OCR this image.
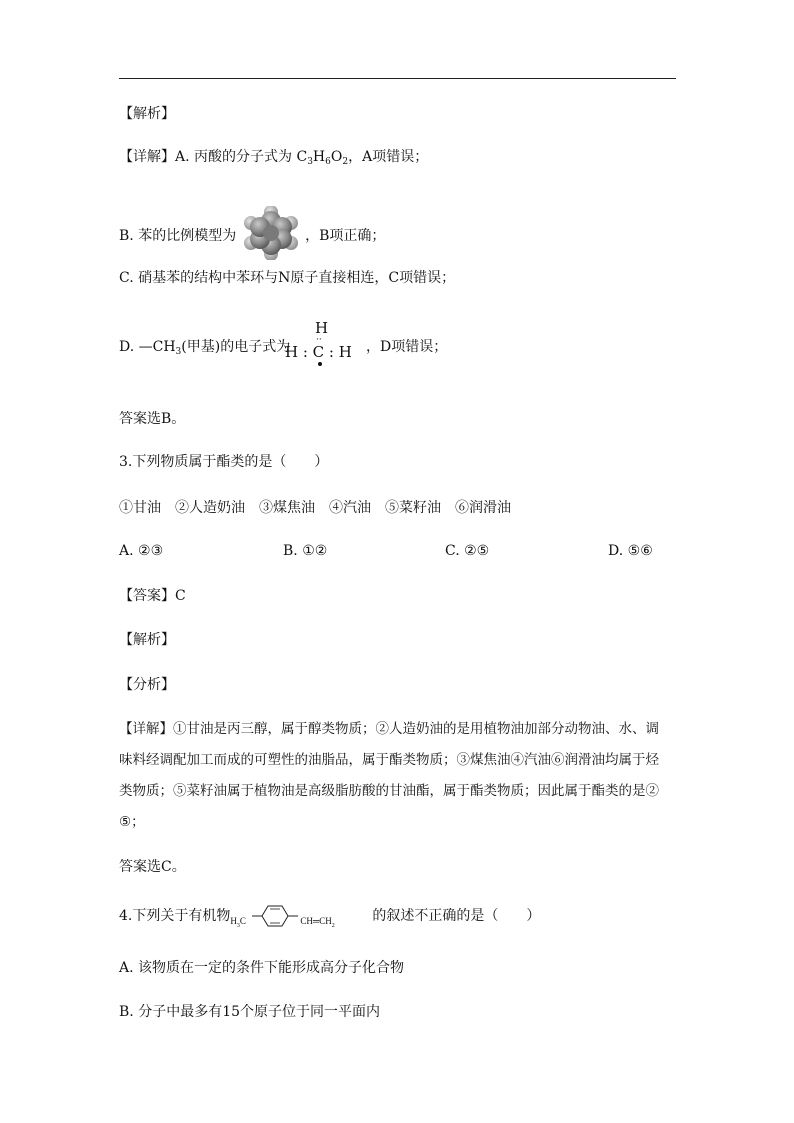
【解析】
【详解】A. 丙酸的分子式为 $C_3H_6O_2$，A项错误；
B. 苯的比例模型为	，B项正确；
C. 硝基苯的结构中苯环与N原子直接相连，C项错误；
D. $—CH_3$(甲基)的电子式为
H
··
H : C : H ，D项错误；
答案选B。
3.下列物质属于酯类的是（　　）
①甘油　②人造奶油　③煤焦油　④汽油　⑤菜籽油　⑥润滑油
A. ②③	B. ①②	C. ②⑤	D. ⑤⑥
【答案】C
【解析】
【分析】
【详解】①甘油是丙三醇，属于醇类物质；②人造奶油的是用植物油加部分动物油、水、调
味料经调配加工而成的可塑性的油脂品，属于酯类物质；③煤焦油④汽油⑥润滑油均属于烃
类物质；⑤菜籽油属于植物油是高级脂肪酸的甘油酯，属于酯类物质；因此属于酯类的是②
⑤；
答案选C。
4.下列关于有机物 $H_3C$	$CH═CH_2$
的叙述不正确的是（　　）
A. 该物质在一定的条件下能形成高分子化合物
B. 分子中最多有15个原子位于同一平面内
